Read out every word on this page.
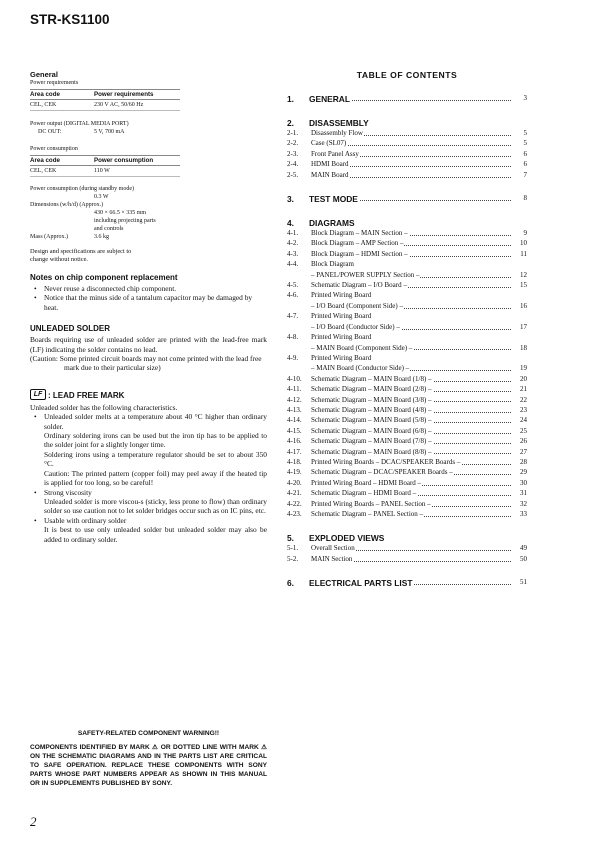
STR-KS1100
General
Power requirements
Area code	Power requirements
CEL, CEK	230 V AC, 50/60 Hz
Power output (DIGITAL MEDIA PORT)
DC OUT:	5 V, 700 mA
Power consumption
Area code	Power consumption
CEL, CEK	110 W
Power consumption (during standby mode)
0.3 W
Dimensions (w/h/d) (Approx.)
430 × 66.5 × 335 mm
including projecting parts
and controls
Mass (Approx.)	3.6 kg
Design and specifications are subject to
change without notice.
Notes on chip component replacement
• Never reuse a disconnected chip component.
• Notice that the minus side of a tantalum capacitor may be damaged by heat.
UNLEADED SOLDER
Boards requiring use of unleaded solder are printed with the lead-free mark (LF) indicating the solder contains no lead.
(Caution: Some printed circuit boards may not come printed with the lead free mark due to their particular size)
LF : LEAD FREE MARK
Unleaded solder has the following characteristics.
• Unleaded solder melts at a temperature about 40 °C higher than ordinary solder.
Ordinary soldering irons can be used but the iron tip has to be applied to the solder joint for a slightly longer time.
Soldering irons using a temperature regulator should be set to about 350 °C.
Caution: The printed pattern (copper foil) may peel away if the heated tip is applied for too long, so be careful!
• Strong viscosity
Unleaded solder is more viscou-s (sticky, less prone to flow) than ordinary solder so use caution not to let solder bridges occur such as on IC pins, etc.
• Usable with ordinary solder
It is best to use only unleaded solder but unleaded solder may also be added to ordinary solder.
SAFETY-RELATED COMPONENT WARNING!!
COMPONENTS IDENTIFIED BY MARK ⚠ OR DOTTED LINE WITH MARK ⚠ ON THE SCHEMATIC DIAGRAMS AND IN THE PARTS LIST ARE CRITICAL TO SAFE OPERATION. REPLACE THESE COMPONENTS WITH SONY PARTS WHOSE PART NUMBERS APPEAR AS SHOWN IN THIS MANUAL OR IN SUPPLEMENTS PUBLISHED BY SONY.
TABLE OF CONTENTS
1.	GENERAL	3
2.	DISASSEMBLY
2-1.	Disassembly Flow	5
2-2.	Case (SL07)	5
2-3.	Front Panel Assy	6
2-4.	HDMI Board	6
2-5.	MAIN Board	7
3.	TEST MODE	8
4.	DIAGRAMS
4-1.	Block Diagram – MAIN Section –	9
4-2.	Block Diagram – AMP Section –	10
4-3.	Block Diagram – HDMI Section –	11
4-4.	Block Diagram
– PANEL/POWER SUPPLY Section –	12
4-5.	Schematic Diagram – I/O Board –	15
4-6.	Printed Wiring Board
– I/O Board (Component Side) –	16
4-7.	Printed Wiring Board
– I/O Board (Conductor Side) –	17
4-8.	Printed Wiring Board
– MAIN Board (Component Side) –	18
4-9.	Printed Wiring Board
– MAIN Board (Conductor Side) –	19
4-10.	Schematic Diagram – MAIN Board (1/8) –	20
4-11.	Schematic Diagram – MAIN Board (2/8) –	21
4-12.	Schematic Diagram – MAIN Board (3/8) –	22
4-13.	Schematic Diagram – MAIN Board (4/8) –	23
4-14.	Schematic Diagram – MAIN Board (5/8) –	24
4-15.	Schematic Diagram – MAIN Board (6/8) –	25
4-16.	Schematic Diagram – MAIN Board (7/8) –	26
4-17.	Schematic Diagram – MAIN Board (8/8) –	27
4-18.	Printed Wiring Boards – DCAC/SPEAKER Boards –	28
4-19.	Schematic Diagram – DCAC/SPEAKER Boards –	29
4-20.	Printed Wiring Board – HDMI Board –	30
4-21.	Schematic Diagram – HDMI Board –	31
4-22.	Printed Wiring Boards – PANEL Section –	32
4-23.	Schematic Diagram – PANEL Section –	33
5.	EXPLODED VIEWS
5-1.	Overall Section	49
5-2.	MAIN Section	50
6.	ELECTRICAL PARTS LIST	51
2
